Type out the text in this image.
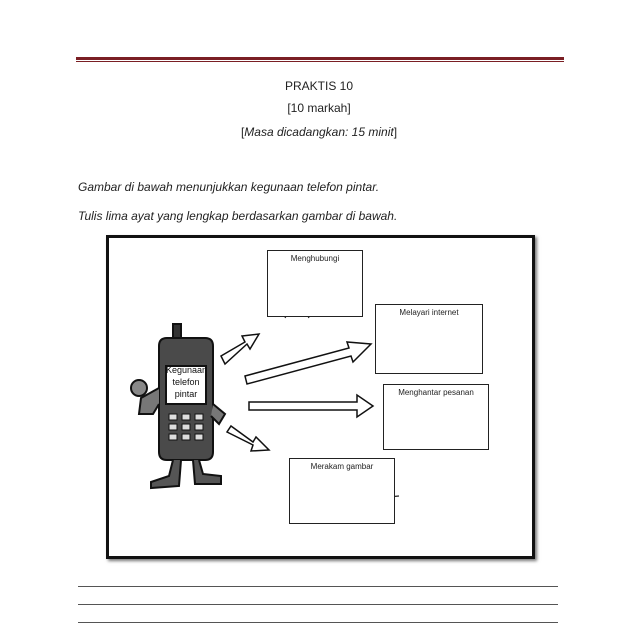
PRAKTIS 10
[10 markah]
[Masa dicadangkan: 15 minit]
Gambar di bawah menunjukkan kegunaan telefon pintar.
Tulis lima ayat yang lengkap berdasarkan gambar di bawah.
Menghubungi
Melayari internet
Menghantar pesanan
Merakam gambar
Kegunaan
telefon
pintar
